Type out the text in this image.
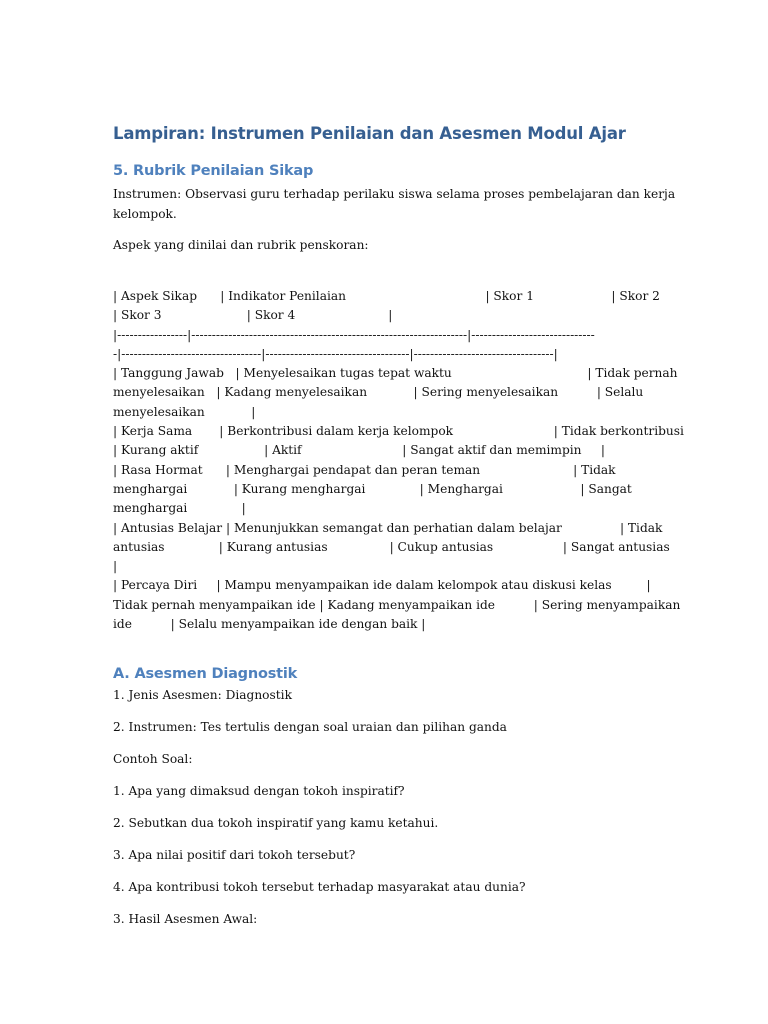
Lampiran: Instrumen Penilaian dan Asesmen Modul Ajar
5. Rubrik Penilaian Sikap
Instrumen: Observasi guru terhadap perilaku siswa selama proses pembelajaran dan kerja
kelompok.
Aspek yang dinilai dan rubrik penskoran:
| Aspek Sikap      | Indikator Penilaian                                    | Skor 1                    | Skor 2
| Skor 3                      | Skor 4                        |
|-----------------|-------------------------------------------------------------------|------------------------------
-|----------------------------------|-----------------------------------|----------------------------------|
| Tanggung Jawab   | Menyelesaikan tugas tepat waktu                                   | Tidak pernah
menyelesaikan   | Kadang menyelesaikan            | Sering menyelesaikan          | Selalu
menyelesaikan            |
| Kerja Sama       | Berkontribusi dalam kerja kelompok                          | Tidak berkontribusi
| Kurang aktif                 | Aktif                          | Sangat aktif dan memimpin     |
| Rasa Hormat      | Menghargai pendapat dan peran teman                        | Tidak
menghargai            | Kurang menghargai              | Menghargai                    | Sangat
menghargai              |
| Antusias Belajar | Menunjukkan semangat dan perhatian dalam belajar               | Tidak
antusias              | Kurang antusias                | Cukup antusias                  | Sangat antusias
|
| Percaya Diri     | Mampu menyampaikan ide dalam kelompok atau diskusi kelas         |
Tidak pernah menyampaikan ide | Kadang menyampaikan ide          | Sering menyampaikan
ide          | Selalu menyampaikan ide dengan baik |
A. Asesmen Diagnostik
1. Jenis Asesmen: Diagnostik
2. Instrumen: Tes tertulis dengan soal uraian dan pilihan ganda
Contoh Soal:
1. Apa yang dimaksud dengan tokoh inspiratif?
2. Sebutkan dua tokoh inspiratif yang kamu ketahui.
3. Apa nilai positif dari tokoh tersebut?
4. Apa kontribusi tokoh tersebut terhadap masyarakat atau dunia?
3. Hasil Asesmen Awal:
